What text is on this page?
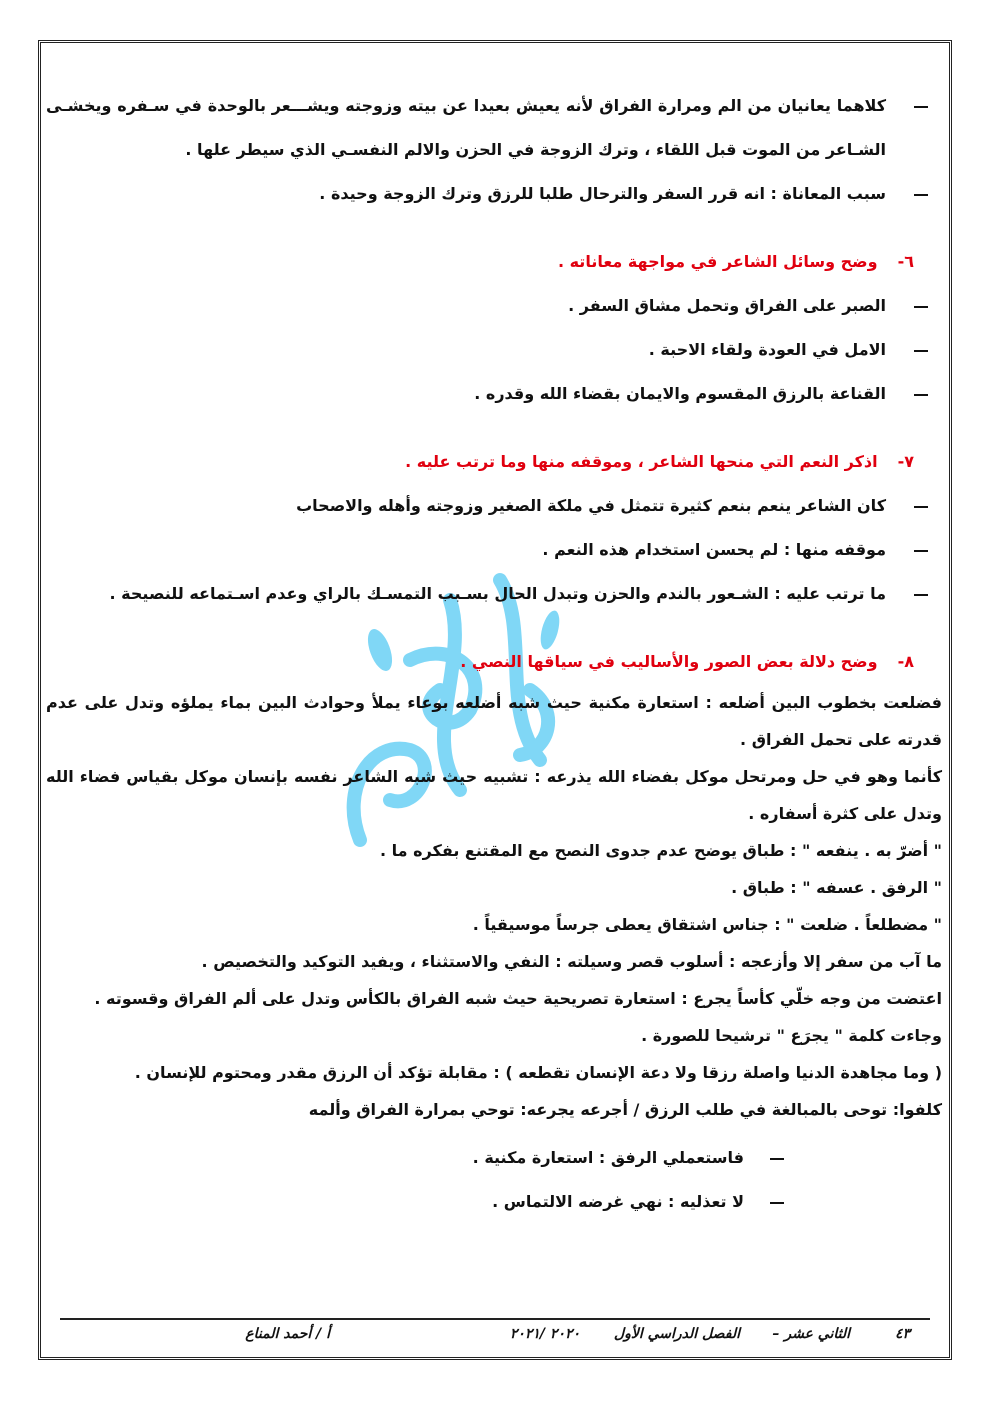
كلاهما يعانيان من الم ومرارة الفراق لأنه يعيش بعيدا عن بيته وزوجته ويشـــعر بالوحدة في سـفره ويخشـى الشـاعر من الموت قبل اللقاء ، وترك الزوجة في الحزن والالم النفسـي الذي سيطر علها .
سبب المعاناة : انه قرر السفر والترحال طلبا للرزق وترك الزوجة وحيدة .
٦-وضح وسائل الشاعر في مواجهة معاناته .
الصبر على الفراق وتحمل مشاق السفر .
الامل في العودة ولقاء الاحبة .
القناعة بالرزق المقسوم والايمان بقضاء الله وقدره .
٧-اذكر النعم التي منحها الشاعر ، وموقفه منها وما ترتب عليه .
كان الشاعر ينعم بنعم كثيرة تتمثل في ملكة الصغير وزوجته وأهله والاصحاب
موقفه منها : لم يحسن استخدام هذه النعم .
ما ترتب عليه : الشـعور بالندم والحزن وتبدل الحال بسـبب التمسـك بالراي وعدم اسـتماعه للنصيحة .
٨-وضح دلالة بعض الصور والأساليب في سياقها النصي .
فضلعت بخطوب البين أضلعه : استعارة مكنية حيث شبه أضلعه بوعاء يملأ وحوادث البين بماء يملؤه وتدل على عدم قدرته على تحمل الفراق .
كأنما وهو في حل ومرتحل موكل بفضاء الله يذرعه : تشبيه حيث شبه الشاعر نفسه بإنسان موكل بقياس فضاء الله وتدل على كثرة أسفاره .
" أضرّ به . ينفعه " : طباق يوضح عدم جدوى النصح مع المقتنع بفكره ما .
" الرفق . عسفه " : طباق .
" مضطلعاً . ضلعت " : جناس اشتقاق يعطى جرساً موسيقياً .
ما آب من سفر إلا وأزعجه : أسلوب قصر وسيلته : النفي والاستثناء ، ويفيد التوكيد والتخصيص .
اعتضت من وجه خلّي كأساً يجرع : استعارة تصريحية حيث شبه الفراق بالكأس وتدل على ألم الفراق وقسوته .
وجاءت كلمة " يجرَع " ترشيحا للصورة .
( وما مجاهدة الدنيا واصلة رزقا ولا دعة الإنسان تقطعه ) : مقابلة تؤكد أن الرزق مقدر ومحتوم للإنسان .
كلفوا: توحى بالمبالغة في طلب الرزق / أجرعه يجرعه: توحي بمرارة الفراق وألمه
فاستعملي الرفق : استعارة مكنية .
لا تعذليه : نهي غرضه الالتماس .
٤٣
الثاني عشر –
الفصل الدراسي الأول
٢٠٢٠ /٢٠٢١
أ / أحمد المناع
